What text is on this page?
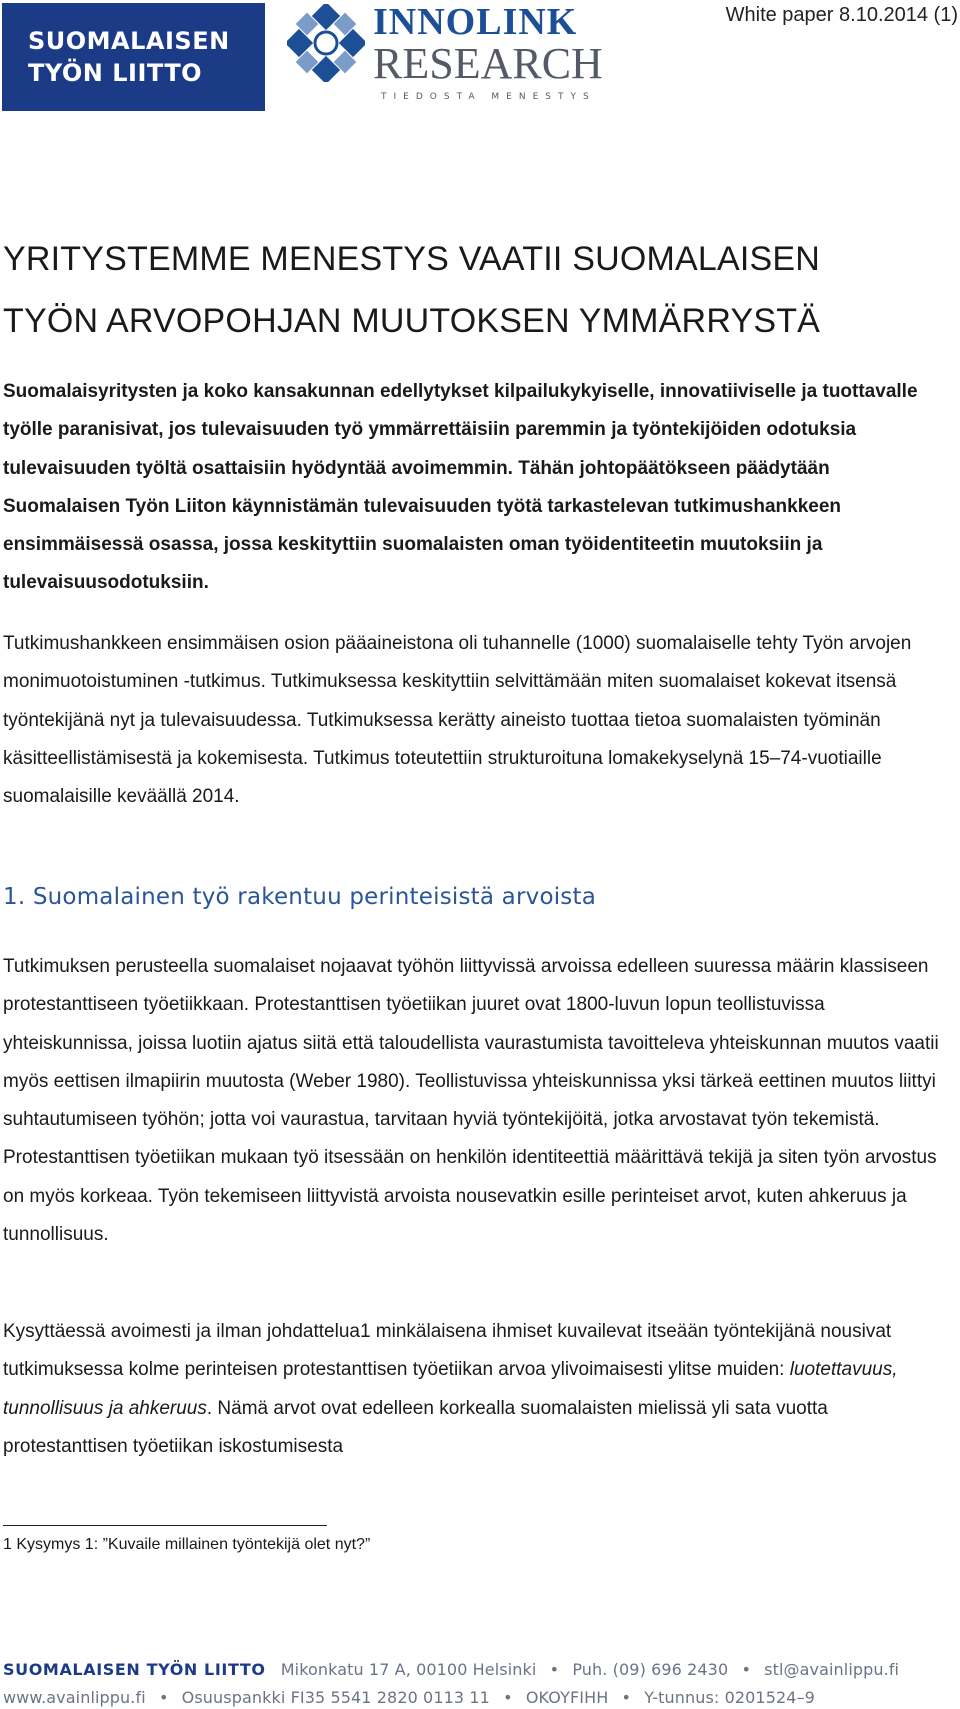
SUOMALAISEN
TYÖN LIITTO
INNOLINK
RESEARCH
TIEDOSTA MENESTYS
White paper 8.10.2014 (1)
YRITYSTEMME MENESTYS VAATII SUOMALAISEN
TYÖN ARVOPOHJAN MUUTOKSEN YMMÄRRYSTÄ

Suomalaisyritysten ja koko kansakunnan edellytykset kilpailukykyiselle, innovatiiviselle ja tuottavalle työlle paranisivat, jos tulevaisuuden työ ymmärrettäisiin paremmin ja työntekijöiden odotuksia tulevaisuuden työltä osattaisiin hyödyntää avoimemmin. Tähän johtopäätökseen päädytään Suomalaisen Työn Liiton käynnistämän tulevaisuuden työtä tarkastelevan tutkimushankkeen ensimmäisessä osassa, jossa keskityttiin suomalaisten oman työidentiteetin muutoksiin ja tulevaisuusodotuksiin.

Tutkimushankkeen ensimmäisen osion pääaineistona oli tuhannelle (1000) suomalaiselle tehty Työn arvojen monimuotoistuminen -tutkimus. Tutkimuksessa keskityttiin selvittämään miten suomalaiset kokevat itsensä työntekijänä nyt ja tulevaisuudessa. Tutkimuksessa kerätty aineisto tuottaa tietoa suomalaisten työminän käsitteellistämisestä ja kokemisesta. Tutkimus toteutettiin strukturoituna lomakekyselynä 15–74-vuotiaille suomalaisille keväällä 2014.

1. Suomalainen työ rakentuu perinteisistä arvoista

Tutkimuksen perusteella suomalaiset nojaavat työhön liittyvissä arvoissa edelleen suuressa määrin klassiseen protestanttiseen työetiikkaan. Protestanttisen työetiikan juuret ovat 1800-luvun lopun teollistuvissa yhteiskunnissa, joissa luotiin ajatus siitä että taloudellista vaurastumista tavoitteleva yhteiskunnan muutos vaatii myös eettisen ilmapiirin muutosta (Weber 1980). Teollistuvissa yhteiskunnissa yksi tärkeä eettinen muutos liittyi suhtautumiseen työhön; jotta voi vaurastua, tarvitaan hyviä työntekijöitä, jotka arvostavat työn tekemistä. Protestanttisen työetiikan mukaan työ itsessään on henkilön identiteettiä määrittävä tekijä ja siten työn arvostus on myös korkeaa. Työn tekemiseen liittyvistä arvoista nousevatkin esille perinteiset arvot, kuten ahkeruus ja tunnollisuus.

Kysyttäessä avoimesti ja ilman johdattelua1 minkälaisena ihmiset kuvailevat itseään työntekijänä nousivat tutkimuksessa kolme perinteisen protestanttisen työetiikan arvoa ylivoimaisesti ylitse muiden: luotettavuus, tunnollisuus ja ahkeruus. Nämä arvot ovat edelleen korkealla suomalaisten mielissä yli sata vuotta protestanttisen työetiikan iskostumisesta

1 Kysymys 1: ”Kuvaile millainen työntekijä olet nyt?”

SUOMALAISEN TYÖN LIITTO Mikonkatu 17 A, 00100 Helsinki • Puh. (09) 696 2430 • stl@avainlippu.fi
www.avainlippu.fi • Osuuspankki FI35 5541 2820 0113 11 • OKOYFIHH • Y-tunnus: 0201524–9
